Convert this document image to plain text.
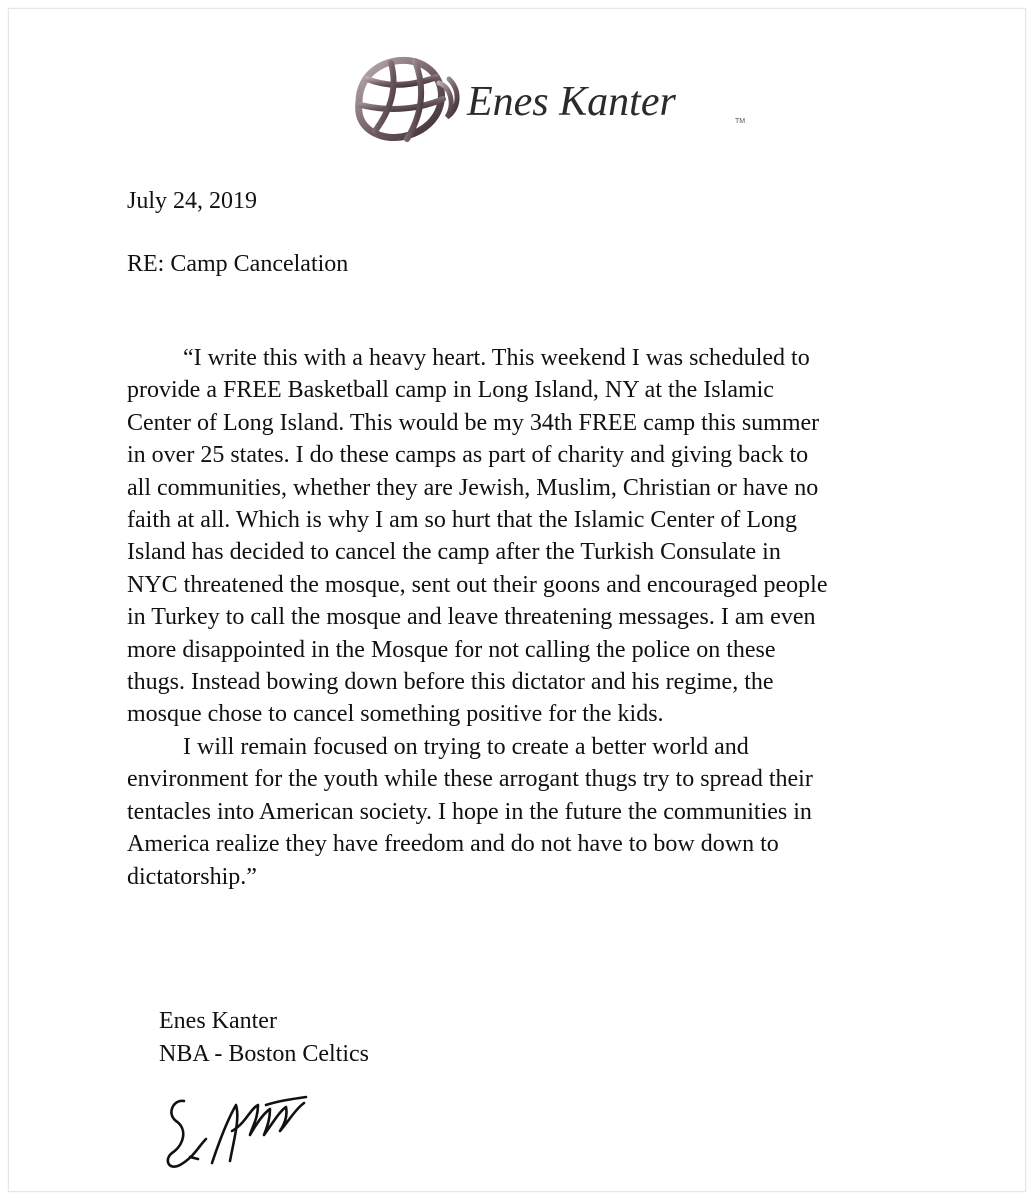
Enes Kanter	TM

July 24, 2019

RE: Camp Cancelation

“I write this with a heavy heart. This weekend I was scheduled to
provide a FREE Basketball camp in Long Island, NY at the Islamic
Center of Long Island. This would be my 34th FREE camp this summer
in over 25 states. I do these camps as part of charity and giving back to
all communities, whether they are Jewish, Muslim, Christian or have no
faith at all. Which is why I am so hurt that the Islamic Center of Long
Island has decided to cancel the camp after the Turkish Consulate in
NYC threatened the mosque, sent out their goons and encouraged people
in Turkey to call the mosque and leave threatening messages. I am even
more disappointed in the Mosque for not calling the police on these
thugs. Instead bowing down before this dictator and his regime, the
mosque chose to cancel something positive for the kids.
I will remain focused on trying to create a better world and
environment for the youth while these arrogant thugs try to spread their
tentacles into American society. I hope in the future the communities in
America realize they have freedom and do not have to bow down to
dictatorship.”
Enes Kanter
NBA - Boston Celtics
